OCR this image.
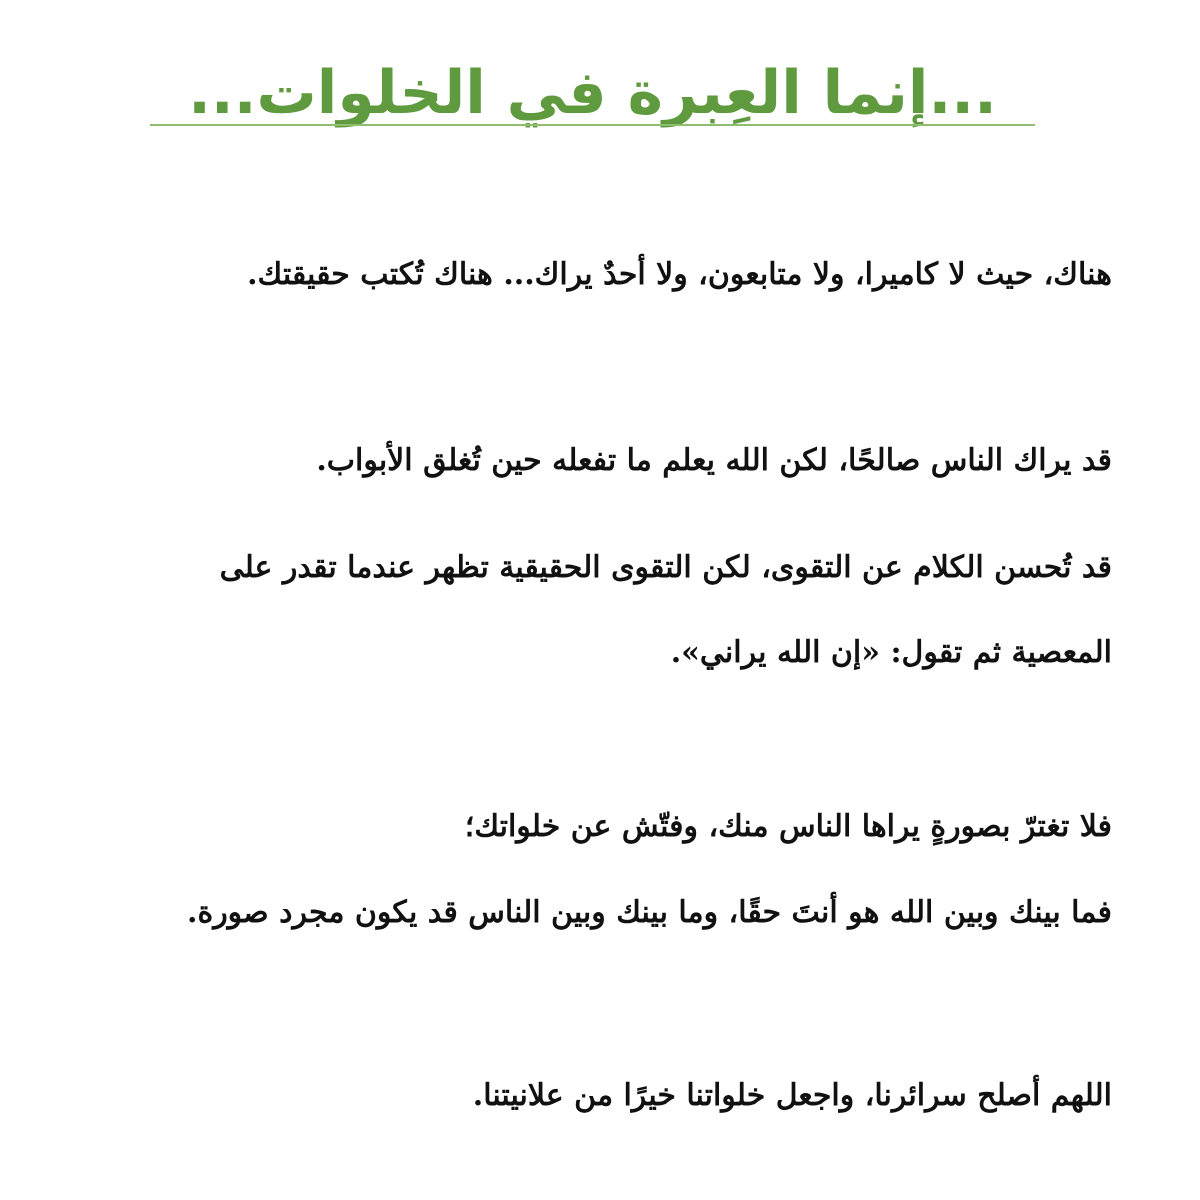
...إنما العِبرة في الخلوات...
هناك، حيث لا كاميرا، ولا متابعون، ولا أحدٌ يراك... هناك تُكتب حقيقتك.
قد يراك الناس صالحًا، لكن الله يعلم ما تفعله حين تُغلق الأبواب.
قد تُحسن الكلام عن التقوى، لكن التقوى الحقيقية تظهر عندما تقدر على المعصية ثم تقول: «إن الله يراني».
فلا تغترّ بصورةٍ يراها الناس منك، وفتّش عن خلواتك؛
فما بينك وبين الله هو أنتَ حقًا، وما بينك وبين الناس قد يكون مجرد صورة.
اللهم أصلح سرائرنا، واجعل خلواتنا خيرًا من علانيتنا.
